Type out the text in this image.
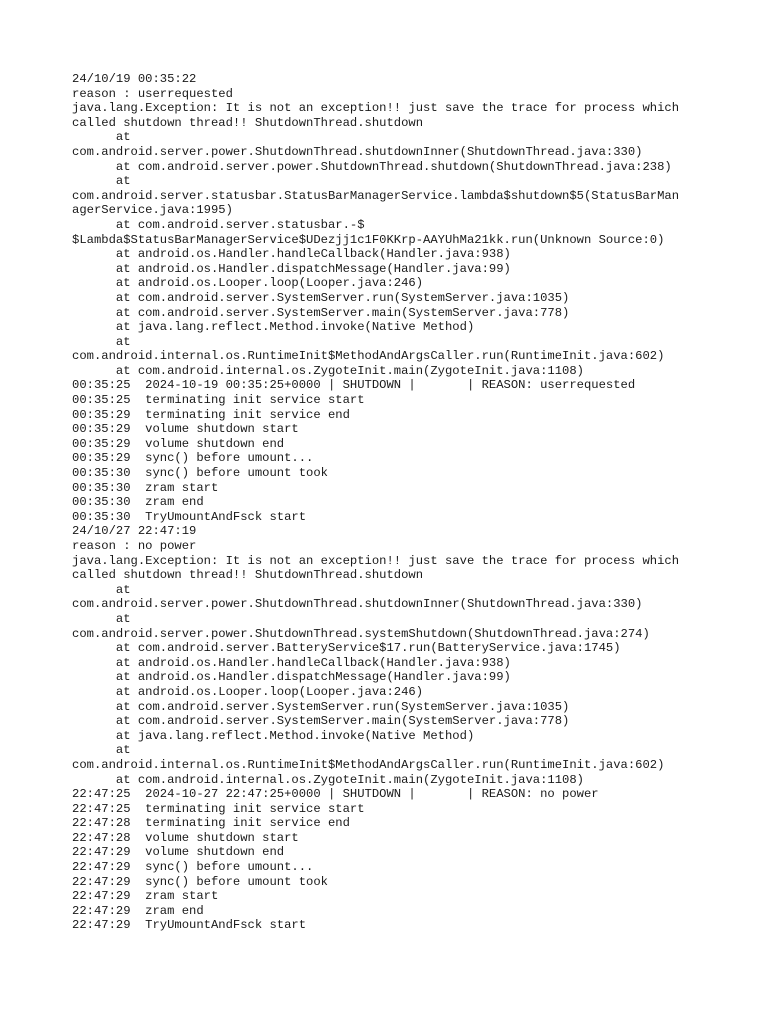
24/10/19 00:35:22
reason : userrequested
java.lang.Exception: It is not an exception!! just save the trace for process which
called shutdown thread!! ShutdownThread.shutdown
at
com.android.server.power.ShutdownThread.shutdownInner(ShutdownThread.java:330)
at com.android.server.power.ShutdownThread.shutdown(ShutdownThread.java:238)
at
com.android.server.statusbar.StatusBarManagerService.lambda$shutdown$5(StatusBarMan
agerService.java:1995)
at com.android.server.statusbar.-$
$Lambda$StatusBarManagerService$UDezjj1c1F0KKrp-AAYUhMa21kk.run(Unknown Source:0)
at android.os.Handler.handleCallback(Handler.java:938)
at android.os.Handler.dispatchMessage(Handler.java:99)
at android.os.Looper.loop(Looper.java:246)
at com.android.server.SystemServer.run(SystemServer.java:1035)
at com.android.server.SystemServer.main(SystemServer.java:778)
at java.lang.reflect.Method.invoke(Native Method)
at
com.android.internal.os.RuntimeInit$MethodAndArgsCaller.run(RuntimeInit.java:602)
at com.android.internal.os.ZygoteInit.main(ZygoteInit.java:1108)
00:35:25  2024-10-19 00:35:25+0000 | SHUTDOWN |       | REASON: userrequested
00:35:25  terminating init service start
00:35:29  terminating init service end
00:35:29  volume shutdown start
00:35:29  volume shutdown end
00:35:29  sync() before umount...
00:35:30  sync() before umount took
00:35:30  zram start
00:35:30  zram end
00:35:30  TryUmountAndFsck start
24/10/27 22:47:19
reason : no power
java.lang.Exception: It is not an exception!! just save the trace for process which
called shutdown thread!! ShutdownThread.shutdown
at
com.android.server.power.ShutdownThread.shutdownInner(ShutdownThread.java:330)
at
com.android.server.power.ShutdownThread.systemShutdown(ShutdownThread.java:274)
at com.android.server.BatteryService$17.run(BatteryService.java:1745)
at android.os.Handler.handleCallback(Handler.java:938)
at android.os.Handler.dispatchMessage(Handler.java:99)
at android.os.Looper.loop(Looper.java:246)
at com.android.server.SystemServer.run(SystemServer.java:1035)
at com.android.server.SystemServer.main(SystemServer.java:778)
at java.lang.reflect.Method.invoke(Native Method)
at
com.android.internal.os.RuntimeInit$MethodAndArgsCaller.run(RuntimeInit.java:602)
at com.android.internal.os.ZygoteInit.main(ZygoteInit.java:1108)
22:47:25  2024-10-27 22:47:25+0000 | SHUTDOWN |       | REASON: no power
22:47:25  terminating init service start
22:47:28  terminating init service end
22:47:28  volume shutdown start
22:47:29  volume shutdown end
22:47:29  sync() before umount...
22:47:29  sync() before umount took
22:47:29  zram start
22:47:29  zram end
22:47:29  TryUmountAndFsck start
